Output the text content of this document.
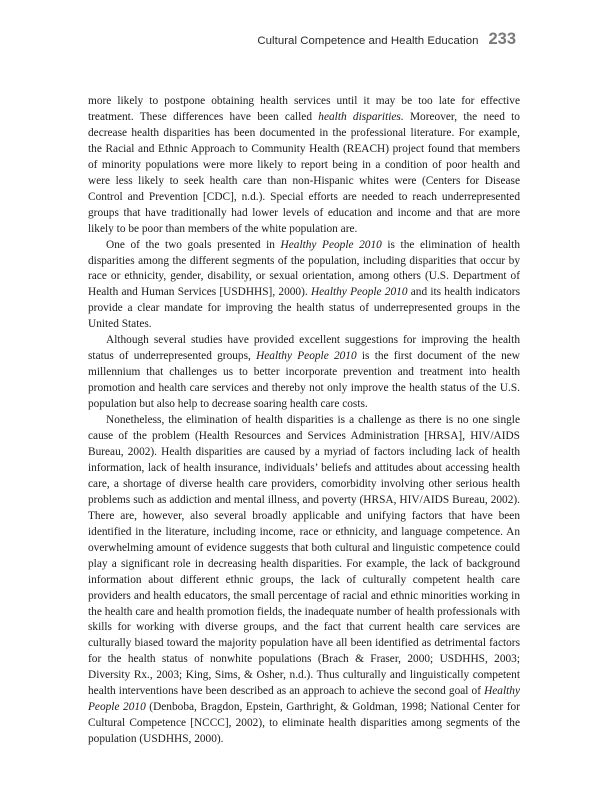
Cultural Competence and Health Education 233

more likely to postpone obtaining health services until it may be too late for effective treatment. These differences have been called health disparities. Moreover, the need to decrease health disparities has been documented in the professional literature. For example, the Racial and Ethnic Approach to Community Health (REACH) project found that members of minority populations were more likely to report being in a condition of poor health and were less likely to seek health care than non-Hispanic whites were (Centers for Disease Control and Prevention [CDC], n.d.). Special efforts are needed to reach underrepresented groups that have traditionally had lower levels of education and income and that are more likely to be poor than members of the white population are.

One of the two goals presented in Healthy People 2010 is the elimination of health disparities among the different segments of the population, including disparities that occur by race or ethnicity, gender, disability, or sexual orientation, among others (U.S. Department of Health and Human Services [USDHHS], 2000). Healthy People 2010 and its health indicators provide a clear mandate for improving the health status of underrepresented groups in the United States.

Although several studies have provided excellent suggestions for improving the health status of underrepresented groups, Healthy People 2010 is the first document of the new millennium that challenges us to better incorporate prevention and treatment into health promotion and health care services and thereby not only improve the health status of the U.S. population but also help to decrease soaring health care costs.

Nonetheless, the elimination of health disparities is a challenge as there is no one single cause of the problem (Health Resources and Services Administration [HRSA], HIV/AIDS Bureau, 2002). Health disparities are caused by a myriad of factors including lack of health information, lack of health insurance, individuals’ beliefs and attitudes about accessing health care, a shortage of diverse health care providers, comorbidity involving other serious health problems such as addiction and mental illness, and poverty (HRSA, HIV/AIDS Bureau, 2002). There are, however, also several broadly applicable and unifying factors that have been identified in the literature, including income, race or ethnicity, and language competence. An overwhelming amount of evidence suggests that both cultural and linguistic competence could play a significant role in decreasing health disparities. For example, the lack of background information about different ethnic groups, the lack of culturally competent health care providers and health educators, the small percentage of racial and ethnic minorities working in the health care and health promotion fields, the inadequate number of health professionals with skills for working with diverse groups, and the fact that current health care services are culturally biased toward the majority population have all been identified as detrimental factors for the health status of nonwhite populations (Brach & Fraser, 2000; USDHHS, 2003; Diversity Rx., 2003; King, Sims, & Osher, n.d.). Thus culturally and linguistically competent health interventions have been described as an approach to achieve the second goal of Healthy People 2010 (Denboba, Bragdon, Epstein, Garthright, & Goldman, 1998; National Center for Cultural Competence [NCCC], 2002), to eliminate health disparities among segments of the population (USDHHS, 2000).
